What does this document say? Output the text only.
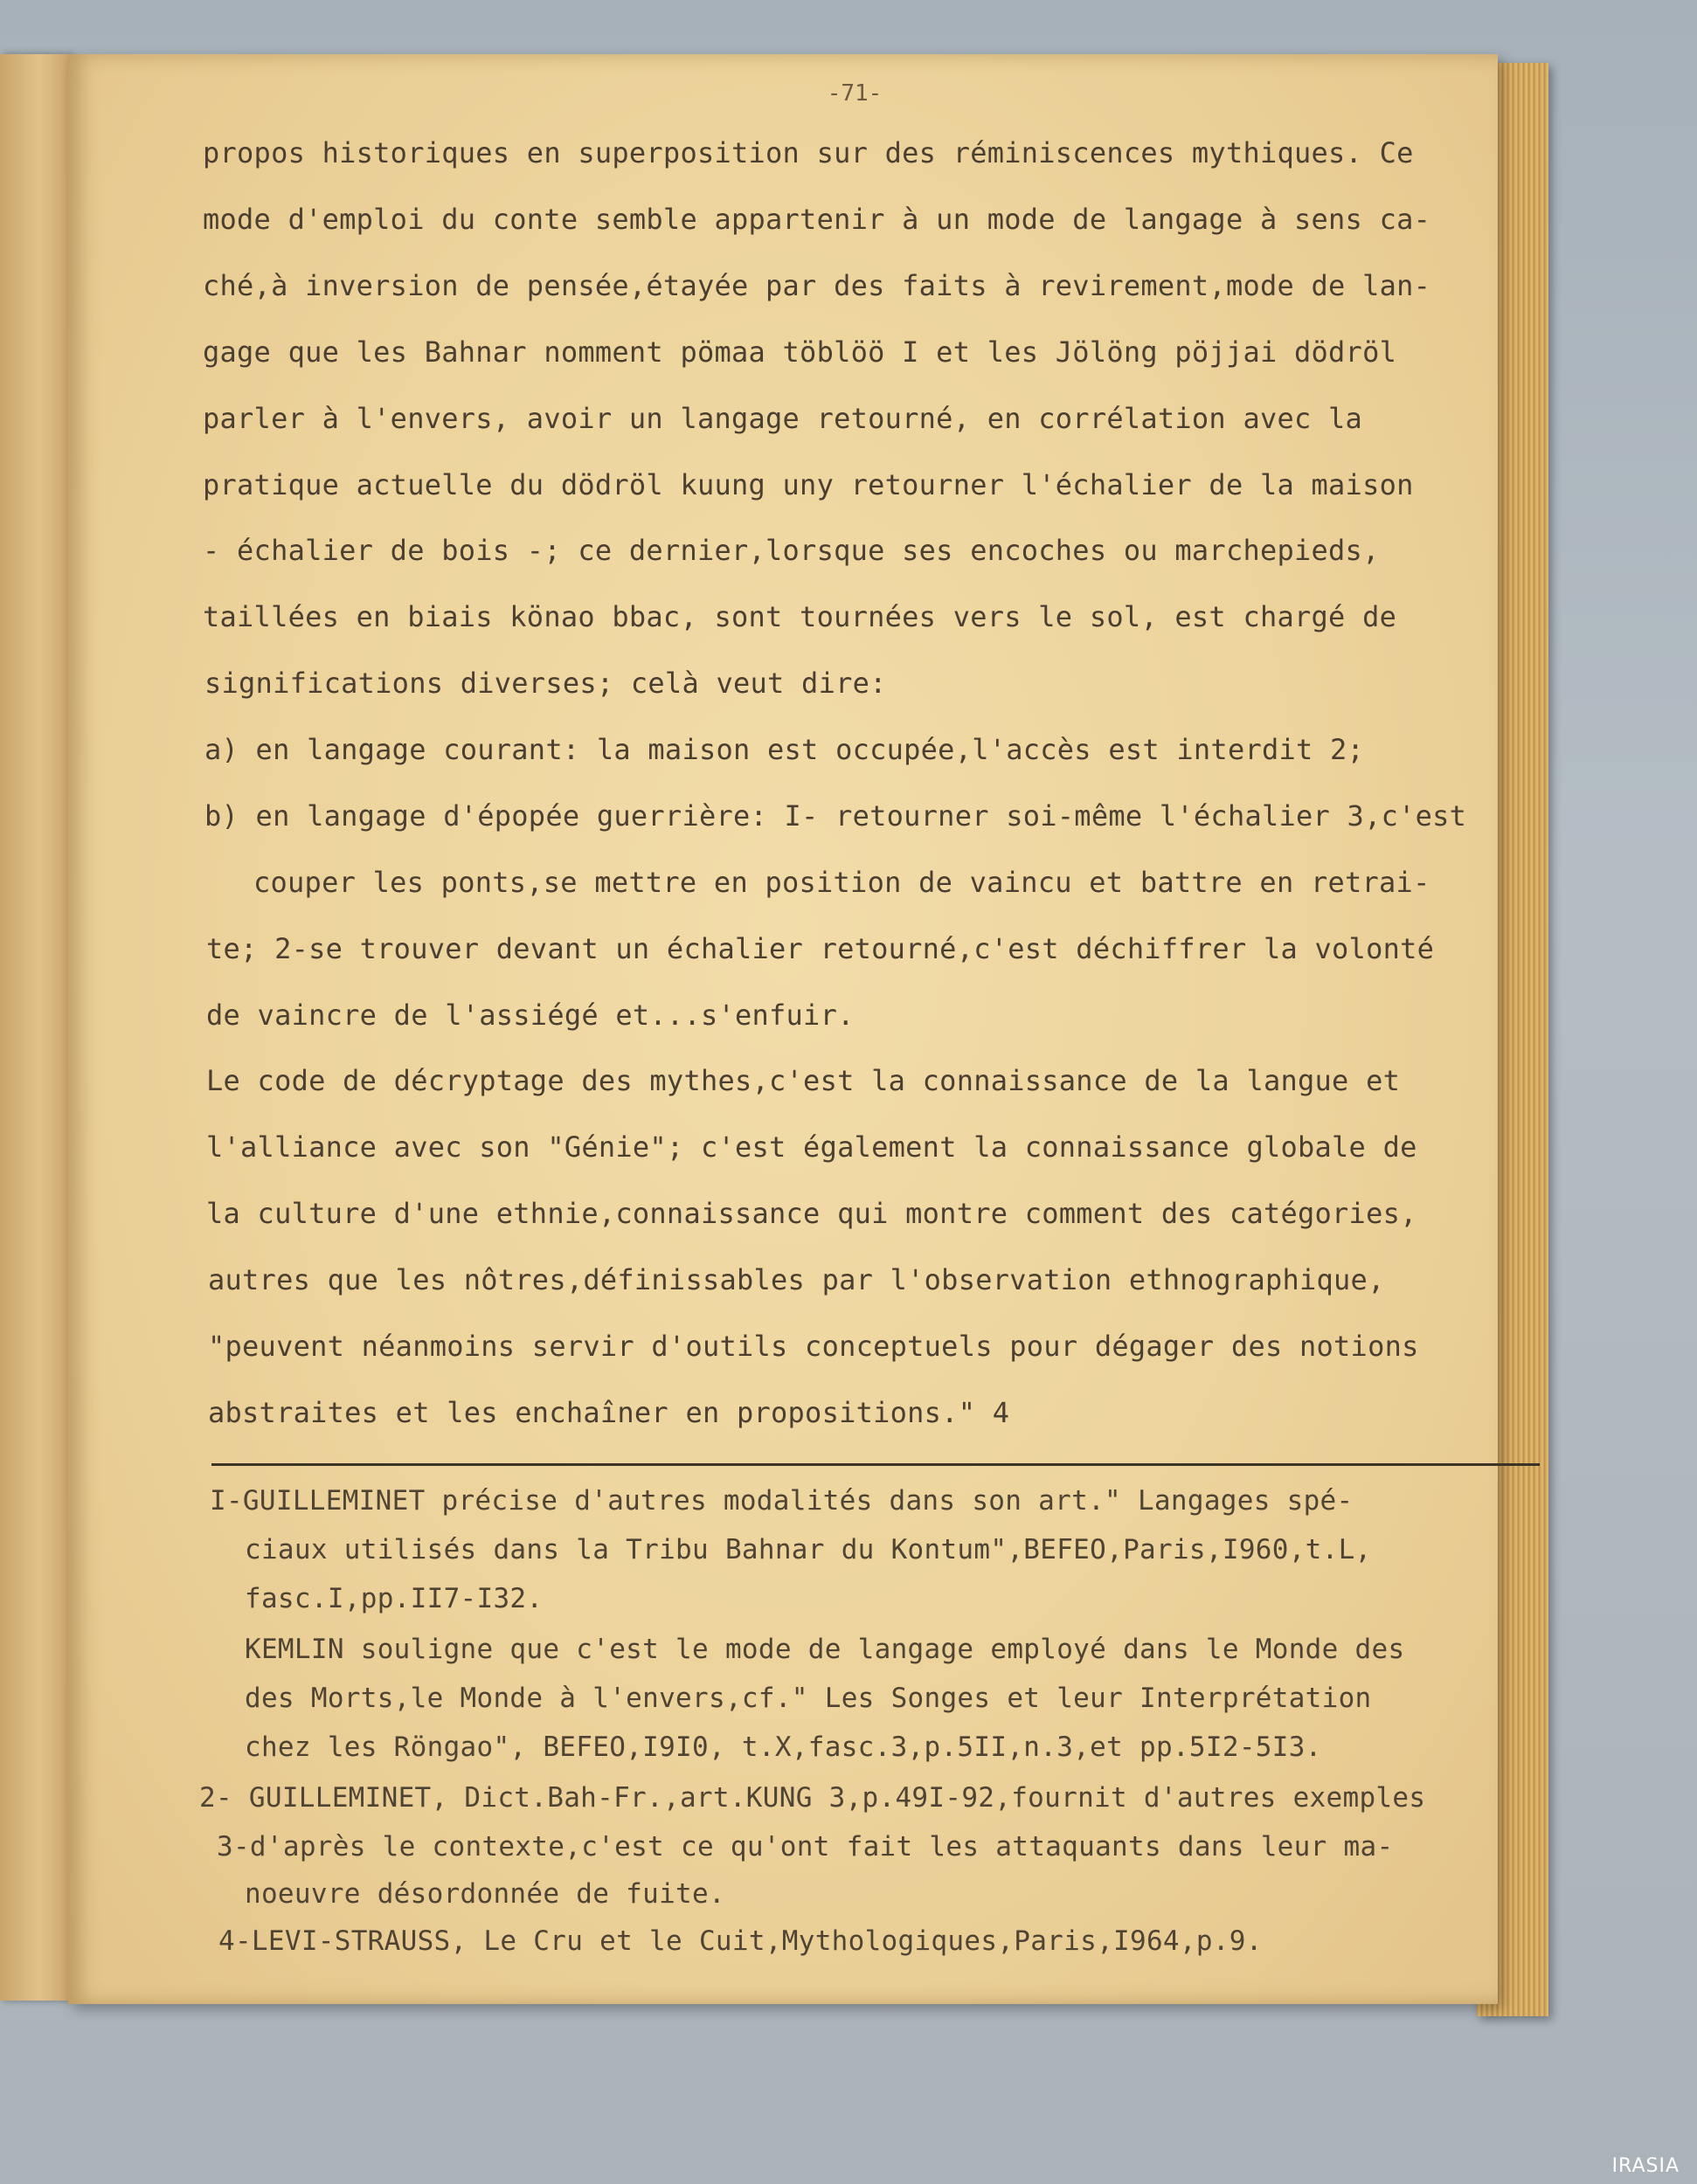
-71-

propos historiques en superposition sur des réminiscences mythiques. Ce

mode d'emploi du conte semble appartenir à un mode de langage à sens ca-

ché,à inversion de pensée,étayée par des faits à revirement,mode de lan-

gage que les Bahnar nomment pömaa töblöö I et les Jölöng pöjjai dödröl

parler à l'envers, avoir un langage retourné, en corrélation avec la

pratique actuelle du dödröl kuung uny retourner l'échalier de la maison

- échalier de bois -; ce dernier,lorsque ses encoches ou marchepieds,

taillées en biais könao bbac, sont tournées vers le sol, est chargé de

significations diverses; celà veut dire:

a) en langage courant: la maison est occupée,l'accès est interdit 2;

b) en langage d'épopée guerrière: I- retourner soi-même l'échalier 3,c'est

couper les ponts,se mettre en position de vaincu et battre en retrai-

te; 2-se trouver devant un échalier retourné,c'est déchiffrer la volonté

de vaincre de l'assiégé et...s'enfuir.

Le code de décryptage des mythes,c'est la connaissance de la langue et

l'alliance avec son "Génie"; c'est également la connaissance globale de

la culture d'une ethnie,connaissance qui montre comment des catégories,

autres que les nôtres,définissables par l'observation ethnographique,

"peuvent néanmoins servir d'outils conceptuels pour dégager des notions

abstraites et les enchaîner en propositions." 4

I-GUILLEMINET précise d'autres modalités dans son art." Langages spé-

ciaux utilisés dans la Tribu Bahnar du Kontum",BEFEO,Paris,I960,t.L,

fasc.I,pp.II7-I32.

KEMLIN souligne que c'est le mode de langage employé dans le Monde des

des Morts,le Monde à l'envers,cf." Les Songes et leur Interprétation

chez les Röngao", BEFEO,I9I0, t.X,fasc.3,p.5II,n.3,et pp.5I2-5I3.

2- GUILLEMINET, Dict.Bah-Fr.,art.KUNG 3,p.49I-92,fournit d'autres exemples

3-d'après le contexte,c'est ce qu'ont fait les attaquants dans leur ma-

noeuvre désordonnée de fuite.

4-LEVI-STRAUSS, Le Cru et le Cuit,Mythologiques,Paris,I964,p.9.

IRASIA
